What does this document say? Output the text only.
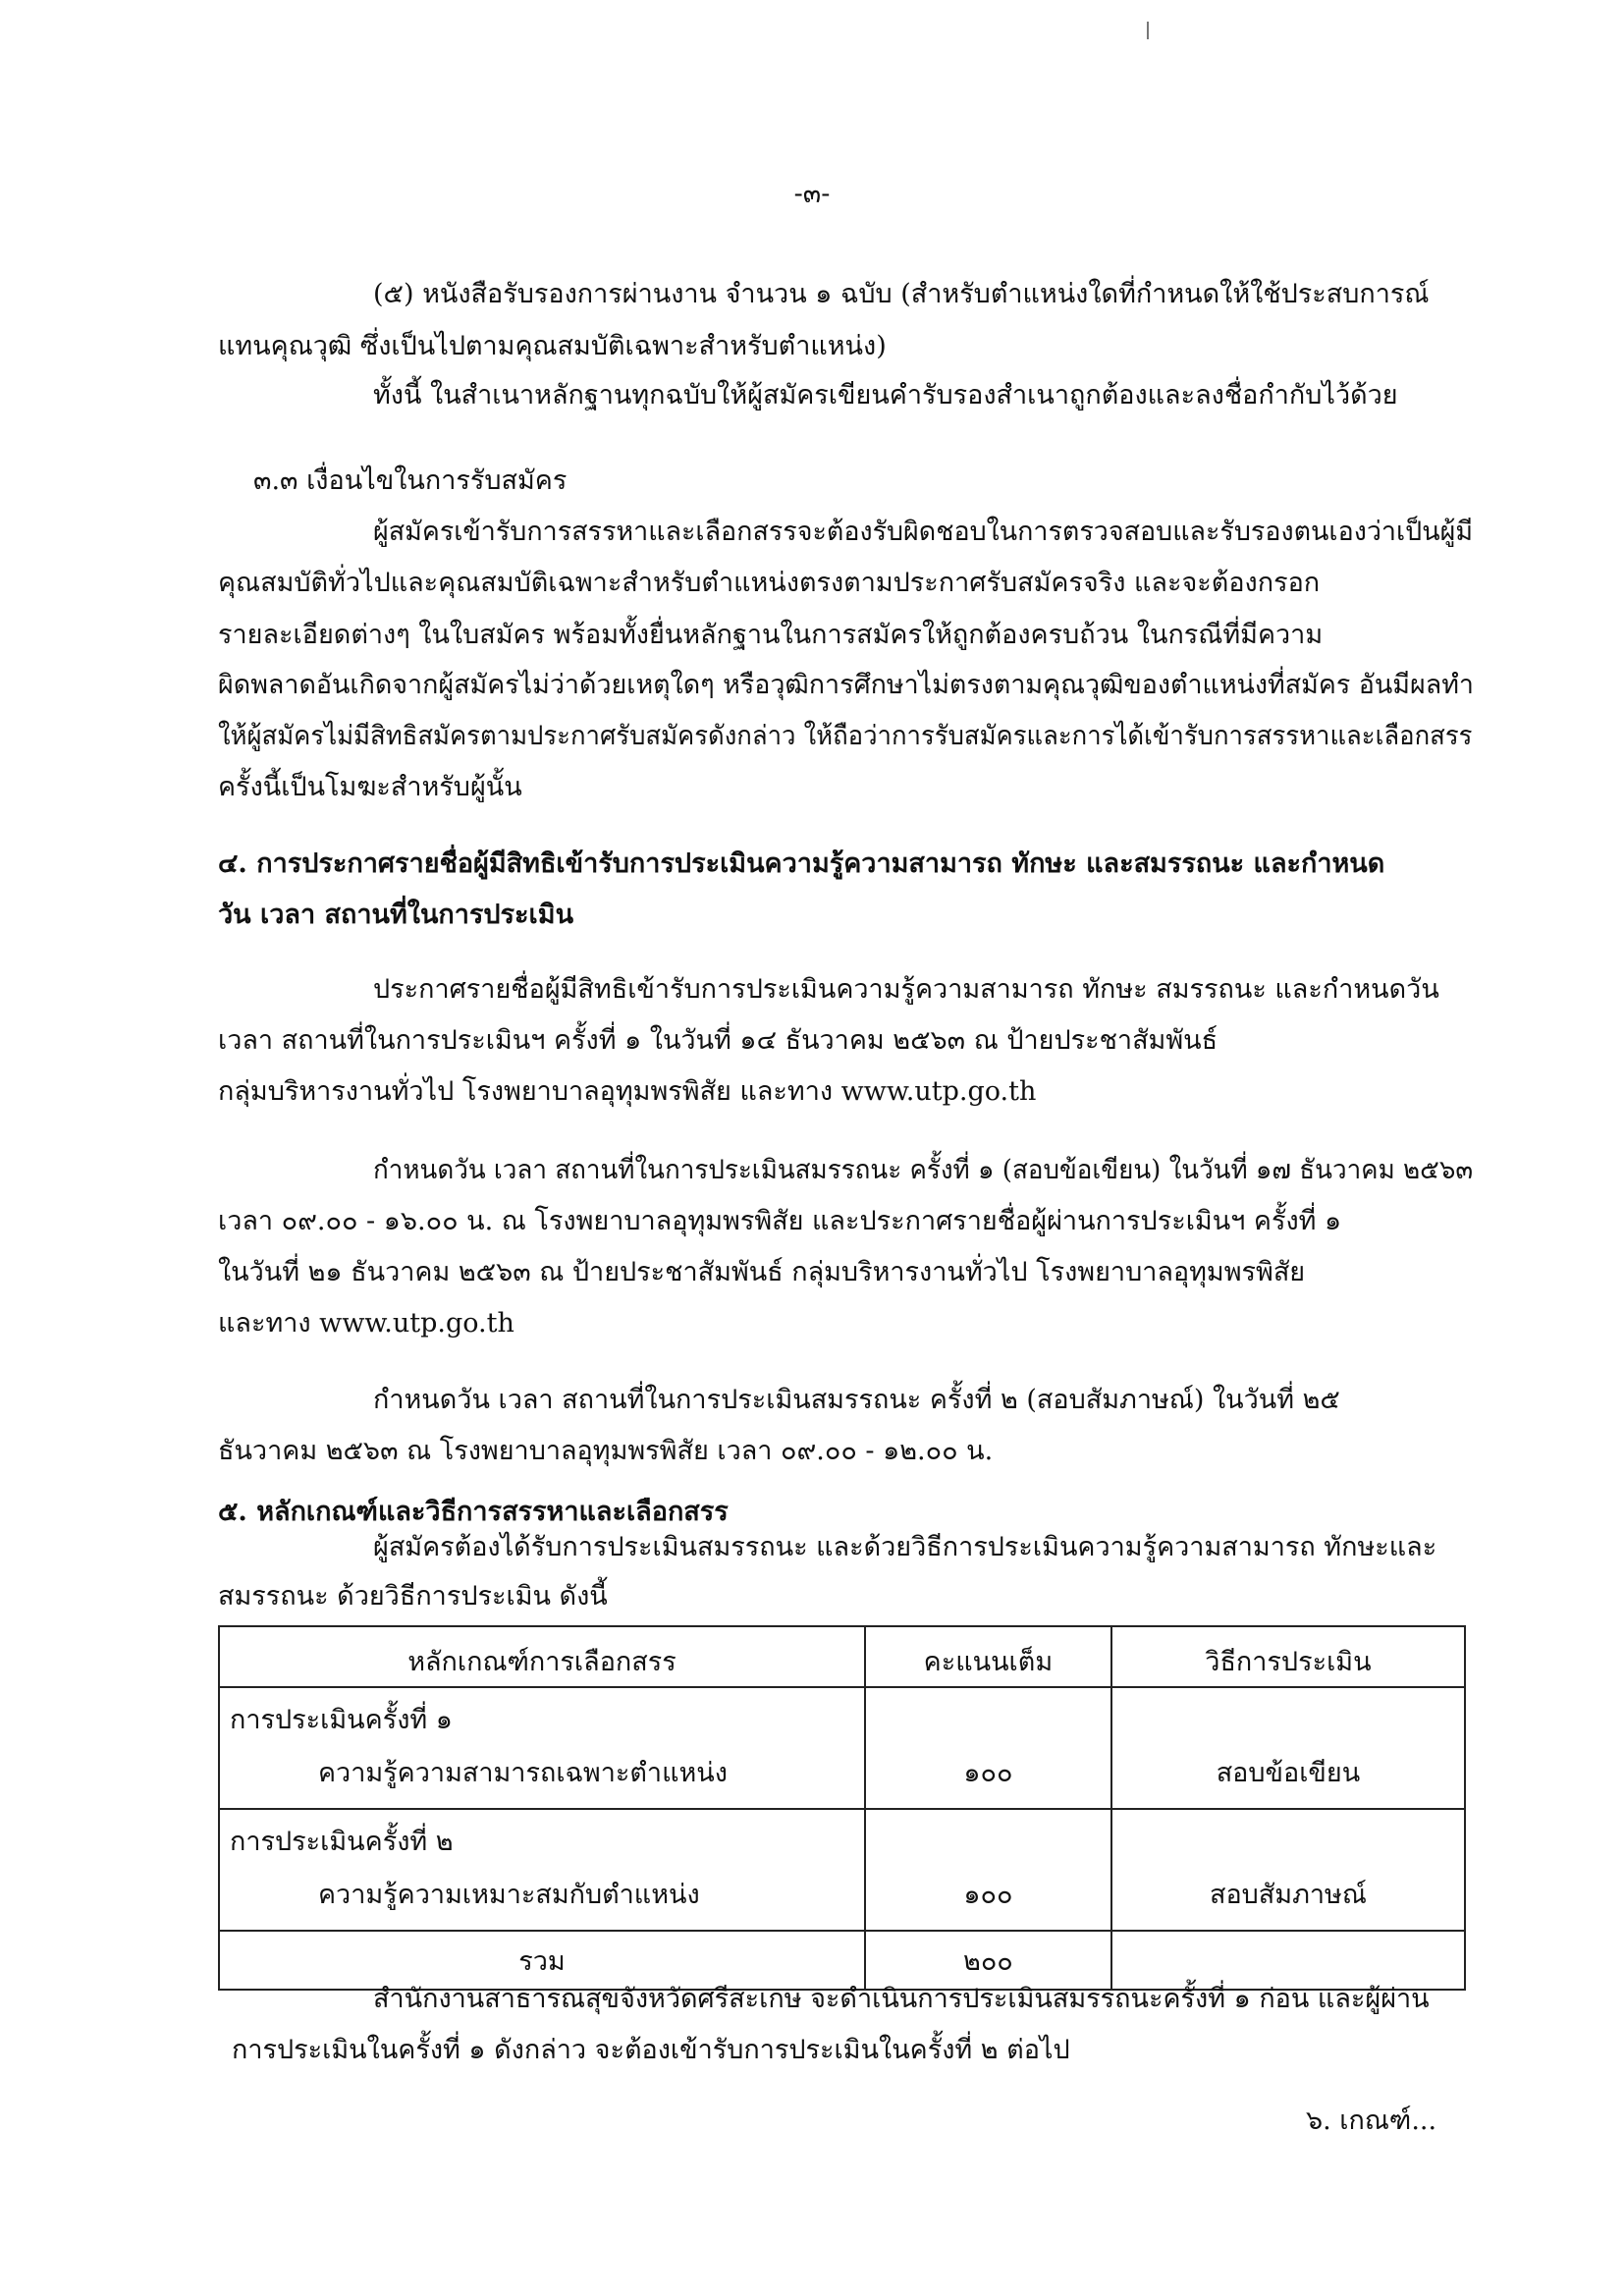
-๓-
(๕) หนังสือรับรองการผ่านงาน จำนวน ๑ ฉบับ (สำหรับตำแหน่งใดที่กำหนดให้ใช้ประสบการณ์
แทนคุณวุฒิ ซึ่งเป็นไปตามคุณสมบัติเฉพาะสำหรับตำแหน่ง)
ทั้งนี้ ในสำเนาหลักฐานทุกฉบับให้ผู้สมัครเขียนคำรับรองสำเนาถูกต้องและลงชื่อกำกับไว้ด้วย
๓.๓ เงื่อนไขในการรับสมัคร
ผู้สมัครเข้ารับการสรรหาและเลือกสรรจะต้องรับผิดชอบในการตรวจสอบและรับรองตนเองว่าเป็นผู้มี
คุณสมบัติทั่วไปและคุณสมบัติเฉพาะสำหรับตำแหน่งตรงตามประกาศรับสมัครจริง และจะต้องกรอก
รายละเอียดต่างๆ ในใบสมัคร พร้อมทั้งยื่นหลักฐานในการสมัครให้ถูกต้องครบถ้วน ในกรณีที่มีความ
ผิดพลาดอันเกิดจากผู้สมัครไม่ว่าด้วยเหตุใดๆ หรือวุฒิการศึกษาไม่ตรงตามคุณวุฒิของตำแหน่งที่สมัคร อันมีผลทำ
ให้ผู้สมัครไม่มีสิทธิสมัครตามประกาศรับสมัครดังกล่าว ให้ถือว่าการรับสมัครและการได้เข้ารับการสรรหาและเลือกสรร
ครั้งนี้เป็นโมฆะสำหรับผู้นั้น
๔. การประกาศรายชื่อผู้มีสิทธิเข้ารับการประเมินความรู้ความสามารถ ทักษะ และสมรรถนะ และกำหนด
วัน เวลา สถานที่ในการประเมิน
ประกาศรายชื่อผู้มีสิทธิเข้ารับการประเมินความรู้ความสามารถ ทักษะ สมรรถนะ และกำหนดวัน
เวลา สถานที่ในการประเมินฯ ครั้งที่ ๑ ในวันที่ ๑๔ ธันวาคม ๒๕๖๓ ณ ป้ายประชาสัมพันธ์
กลุ่มบริหารงานทั่วไป โรงพยาบาลอุทุมพรพิสัย และทาง www.utp.go.th
กำหนดวัน เวลา สถานที่ในการประเมินสมรรถนะ ครั้งที่ ๑ (สอบข้อเขียน) ในวันที่ ๑๗ ธันวาคม ๒๕๖๓
เวลา ๐๙.๐๐ - ๑๖.๐๐ น. ณ โรงพยาบาลอุทุมพรพิสัย และประกาศรายชื่อผู้ผ่านการประเมินฯ ครั้งที่ ๑
ในวันที่ ๒๑ ธันวาคม ๒๕๖๓ ณ ป้ายประชาสัมพันธ์ กลุ่มบริหารงานทั่วไป โรงพยาบาลอุทุมพรพิสัย
และทาง www.utp.go.th
กำหนดวัน เวลา สถานที่ในการประเมินสมรรถนะ ครั้งที่ ๒ (สอบสัมภาษณ์) ในวันที่ ๒๕
ธันวาคม ๒๕๖๓ ณ โรงพยาบาลอุทุมพรพิสัย เวลา ๐๙.๐๐ - ๑๒.๐๐ น.
๕. หลักเกณฑ์และวิธีการสรรหาและเลือกสรร
ผู้สมัครต้องได้รับการประเมินสมรรถนะ และด้วยวิธีการประเมินความรู้ความสามารถ ทักษะและ
สมรรถนะ ด้วยวิธีการประเมิน ดังนี้
หลักเกณฑ์การเลือกสรร	คะแนนเต็ม	วิธีการประเมิน

การประเมินครั้งที่ ๑
ความรู้ความสามารถเฉพาะตำแหน่ง	๑๐๐	สอบข้อเขียน

การประเมินครั้งที่ ๒
ความรู้ความเหมาะสมกับตำแหน่ง	๑๐๐	สอบสัมภาษณ์

รวม	๒๐๐	
สำนักงานสาธารณสุขจังหวัดศรีสะเกษ จะดำเนินการประเมินสมรรถนะครั้งที่ ๑ ก่อน และผู้ผ่าน
การประเมินในครั้งที่ ๑ ดังกล่าว จะต้องเข้ารับการประเมินในครั้งที่ ๒ ต่อไป
๖. เกณฑ์...
